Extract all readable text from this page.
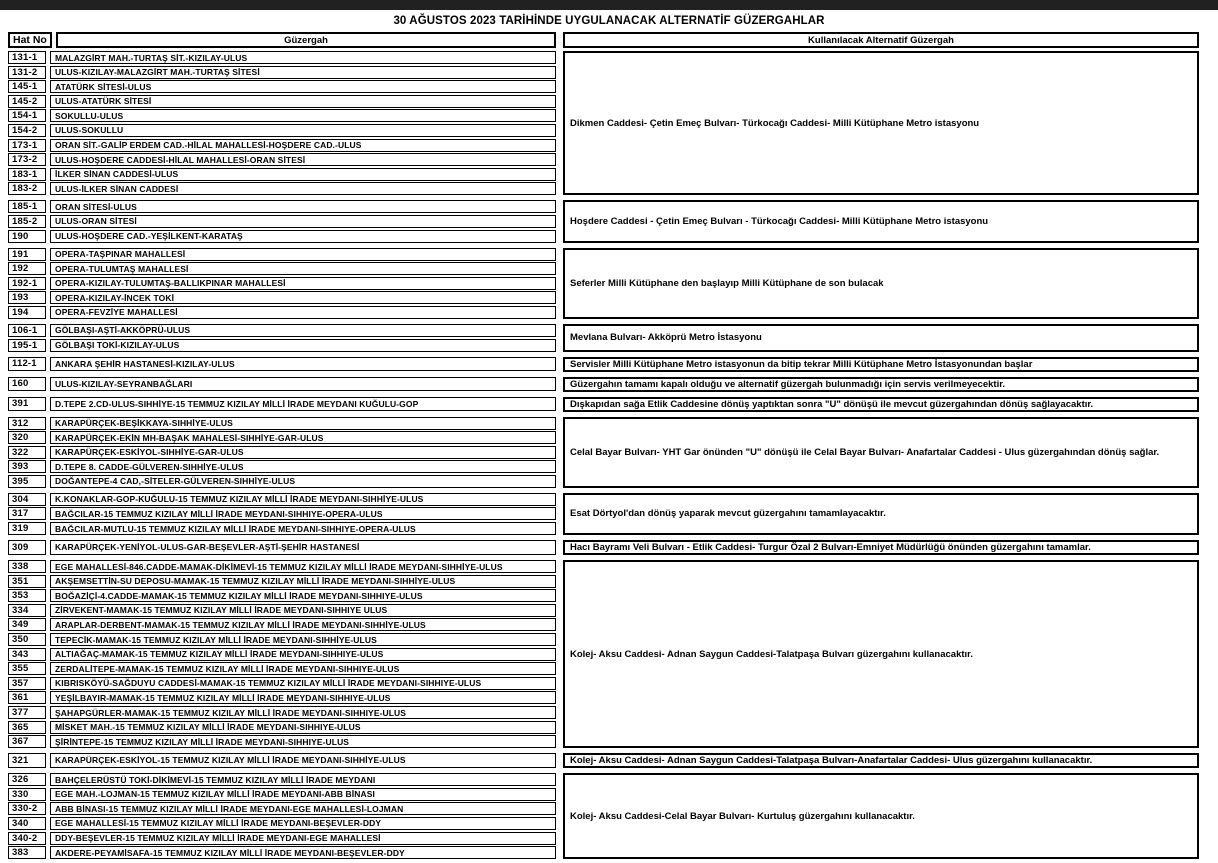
30 AĞUSTOS 2023 TARİHİNDE UYGULANACAK ALTERNATİF GÜZERGAHLAR
Hat No	Güzergah	Kullanılacak Alternatif Güzergah
131-1	MALAZGİRT MAH.-TURTAŞ SİT.-KIZILAY-ULUS
131-2	ULUS-KIZILAY-MALAZGİRT MAH.-TURTAŞ SİTESİ
145-1	ATATÜRK SİTESİ-ULUS
145-2	ULUS-ATATÜRK SİTESİ
154-1	SOKULLU-ULUS
154-2	ULUS-SOKULLU
173-1	ORAN SİT.-GALİP ERDEM CAD.-HİLAL MAHALLESİ-HOŞDERE CAD.-ULUS
173-2	ULUS-HOŞDERE CADDESİ-HİLAL MAHALLESİ-ORAN SİTESİ
183-1	İLKER SİNAN CADDESİ-ULUS
183-2	ULUS-İLKER SİNAN CADDESİ
Dikmen Caddesi- Çetin Emeç Bulvarı- Türkocağı Caddesi- Milli Kütüphane Metro istasyonu
185-1	ORAN SİTESİ-ULUS
185-2	ULUS-ORAN SİTESİ
190	ULUS-HOŞDERE CAD.-YEŞİLKENT-KARATAŞ
Hoşdere Caddesi - Çetin Emeç Bulvarı - Türkocağı Caddesi- Milli Kütüphane Metro istasyonu
191	OPERA-TAŞPINAR MAHALLESİ
192	OPERA-TULUMTAŞ MAHALLESİ
192-1	OPERA-KIZILAY-TULUMTAŞ-BALLIKPINAR MAHALLESİ
193	OPERA-KIZILAY-İNCEK TOKİ
194	OPERA-FEVZİYE MAHALLESİ
Seferler Milli Kütüphane den başlayıp Milli Kütüphane de son bulacak
106-1	GÖLBAŞI-AŞTİ-AKKÖPRÜ-ULUS
195-1	GÖLBAŞI TOKİ-KIZILAY-ULUS
Mevlana Bulvarı- Akköprü Metro İstasyonu
112-1	ANKARA ŞEHİR HASTANESİ-KIZILAY-ULUS	Servisler Milli Kütüphane Metro istasyonun da bitip tekrar Milli Kütüphane Metro İstasyonundan başlar
160	ULUS-KIZILAY-SEYRANBAĞLARI	Güzergahın tamamı kapalı olduğu ve alternatif güzergah bulunmadığı için servis verilmeyecektir.
391	D.TEPE 2.CD-ULUS-SIHHİYE-15 TEMMUZ KIZILAY MİLLİ İRADE MEYDANI KUĞULU-GOP	Dışkapıdan sağa Etlik Caddesine dönüş yaptıktan sonra "U" dönüşü ile mevcut güzergahından dönüş sağlayacaktır.
312	KARAPÜRÇEK-BEŞİKKAYA-SIHHİYE-ULUS
320	KARAPÜRÇEK-EKİN MH-BAŞAK MAHALESİ-SIHHİYE-GAR-ULUS
322	KARAPÜRÇEK-ESKİYOL-SIHHİYE-GAR-ULUS
393	D.TEPE 8. CADDE-GÜLVEREN-SIHHİYE-ULUS
395	DOĞANTEPE-4 CAD,-SİTELER-GÜLVEREN-SIHHİYE-ULUS
Celal Bayar Bulvarı- YHT Gar önünden "U" dönüşü ile Celal Bayar Bulvarı- Anafartalar Caddesi - Ulus güzergahından dönüş sağlar.
304	K.KONAKLAR-GOP-KUĞULU-15 TEMMUZ KIZILAY MİLLİ İRADE MEYDANI-SIHHİYE-ULUS
317	BAĞCILAR-15 TEMMUZ KIZILAY MİLLİ İRADE MEYDANI-SIHHIYE-OPERA-ULUS
319	BAĞCILAR-MUTLU-15 TEMMUZ KIZILAY MİLLİ İRADE MEYDANI-SIHHIYE-OPERA-ULUS
Esat Dörtyol'dan dönüş yaparak mevcut güzergahını tamamlayacaktır.
309	KARAPÜRÇEK-YENİYOL-ULUS-GAR-BEŞEVLER-AŞTİ-ŞEHİR HASTANESİ	Hacı Bayramı Veli Bulvarı - Etlik Caddesi- Turgur Özal 2 Bulvarı-Emniyet Müdürlüğü önünden güzergahını tamamlar.
338	EGE MAHALLESİ-846.CADDE-MAMAK-DİKİMEVİ-15 TEMMUZ KIZILAY MİLLİ İRADE MEYDANI-SIHHİYE-ULUS
351	AKŞEMSETTİN-SU DEPOSU-MAMAK-15 TEMMUZ KIZILAY MİLLİ İRADE MEYDANI-SIHHİYE-ULUS
353	BOĞAZİÇİ-4.CADDE-MAMAK-15 TEMMUZ KIZILAY MİLLİ İRADE MEYDANI-SIHHIYE-ULUS
334	ZİRVEKENT-MAMAK-15 TEMMUZ KIZILAY MİLLİ İRADE MEYDANI-SIHHIYE ULUS
349	ARAPLAR-DERBENT-MAMAK-15 TEMMUZ KIZILAY MİLLİ İRADE MEYDANI-SIHHİYE-ULUS
350	TEPECİK-MAMAK-15 TEMMUZ KIZILAY MİLLİ İRADE MEYDANI-SIHHİYE-ULUS
343	ALTIAĞAÇ-MAMAK-15 TEMMUZ KIZILAY MİLLİ İRADE MEYDANI-SIHHIYE-ULUS
355	ZERDALİTEPE-MAMAK-15 TEMMUZ KIZILAY MİLLİ İRADE MEYDANI-SIHHIYE-ULUS
357	KIBRISKÖYÜ-SAĞDUYU CADDESİ-MAMAK-15 TEMMUZ KIZILAY MİLLİ İRADE MEYDANI-SIHHIYE-ULUS
361	YEŞİLBAYIR-MAMAK-15 TEMMUZ KIZILAY MİLLİ İRADE MEYDANI-SIHHIYE-ULUS
377	ŞAHAPGÜRLER-MAMAK-15 TEMMUZ KIZILAY MİLLİ İRADE MEYDANI-SIHHIYE-ULUS
365	MİSKET MAH.-15 TEMMUZ KIZILAY MİLLİ İRADE MEYDANI-SIHHIYE-ULUS
367	ŞİRİNTEPE-15 TEMMUZ KIZILAY MİLLİ İRADE MEYDANI-SIHHIYE-ULUS
Kolej- Aksu Caddesi- Adnan Saygun Caddesi-Talatpaşa Bulvarı güzergahını kullanacaktır.
321	KARAPÜRÇEK-ESKİYOL-15 TEMMUZ KIZILAY MİLLİ İRADE MEYDANI-SIHHİYE-ULUS	Kolej- Aksu Caddesi- Adnan Saygun Caddesi-Talatpaşa Bulvarı-Anafartalar Caddesi- Ulus güzergahını kullanacaktır.
326	BAHÇELERÜSTÜ TOKİ-DİKİMEVİ-15 TEMMUZ KIZILAY MİLLİ İRADE MEYDANI
330	EGE MAH.-LOJMAN-15 TEMMUZ KIZILAY MİLLİ İRADE MEYDANI-ABB BİNASI
330-2	ABB BİNASI-15 TEMMUZ KIZILAY MİLLİ İRADE MEYDANI-EGE MAHALLESİ-LOJMAN
340	EGE MAHALLESİ-15 TEMMUZ KIZILAY MİLLİ İRADE MEYDANI-BEŞEVLER-DDY
340-2	DDY-BEŞEVLER-15 TEMMUZ KIZILAY MİLLİ İRADE MEYDANI-EGE MAHALLESİ
383	AKDERE-PEYAMİSAFA-15 TEMMUZ KIZILAY MİLLİ İRADE MEYDANI-BEŞEVLER-DDY
Kolej- Aksu Caddesi-Celal Bayar Bulvarı- Kurtuluş güzergahını kullanacaktır.
